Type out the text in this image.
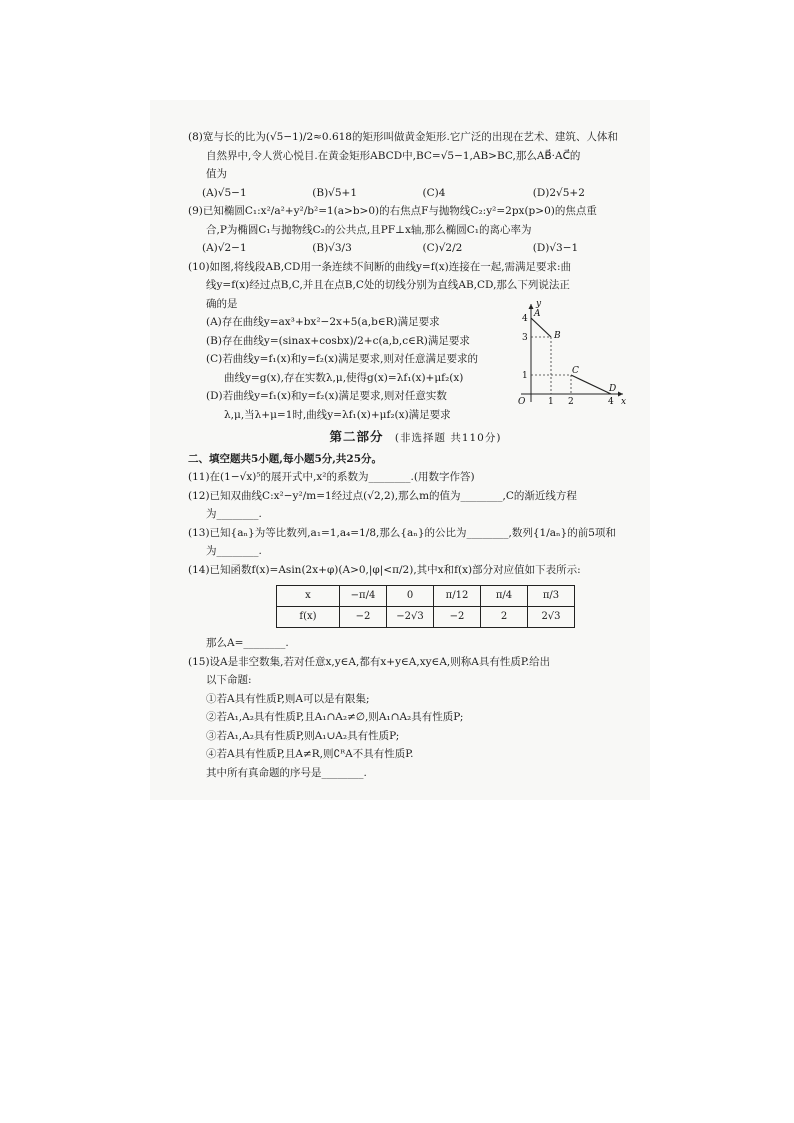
(8)宽与长的比为(√5−1)/2≈0.618的矩形叫做黄金矩形.它广泛的出现在艺术、建筑、人体和

自然界中,令人赏心悦目.在黄金矩形ABCD中,BC=√5−1,AB>BC,那么AB⃗·AC⃗的

值为

(A)√5−1	(B)√5+1	(C)4	(D)2√5+2

(9)已知椭圆C₁:x²/a²+y²/b²=1(a>b>0)的右焦点F与抛物线C₂:y²=2px(p>0)的焦点重

合,P为椭圆C₁与抛物线C₂的公共点,且PF⊥x轴,那么椭圆C₁的离心率为

(A)√2−1	(B)√3/3	(C)√2/2	(D)√3−1

(10)如图,将线段AB,CD用一条连续不间断的曲线y=f(x)连接在一起,需满足要求:曲

线y=f(x)经过点B,C,并且在点B,C处的切线分别为直线AB,CD,那么下列说法正

确的是

(A)存在曲线y=ax³+bx²−2x+5(a,b∈R)满足要求

(B)存在曲线y=(sinax+cosbx)/2+c(a,b,c∈R)满足要求

(C)若曲线y=f₁(x)和y=f₂(x)满足要求,则对任意满足要求的

曲线y=g(x),存在实数λ,μ,使得g(x)=λf₁(x)+μf₂(x)

(D)若曲线y=f₁(x)和y=f₂(x)满足要求,则对任意实数

λ,μ,当λ+μ=1时,曲线y=λf₁(x)+μf₂(x)满足要求

y
x
O
A
B
C
D
1 2	4
4
3
1
第二部分 (非选择题 共110分)

二、填空题共5小题,每小题5分,共25分。

(11)在(1−√x)⁵的展开式中,x²的系数为________.(用数字作答)

(12)已知双曲线C:x²−y²/m=1经过点(√2,2),那么m的值为________,C的渐近线方程

为________.

(13)已知{aₙ}为等比数列,a₁=1,a₄=1/8,那么{aₙ}的公比为________,数列{1/aₙ}的前5项和

为________.

(14)已知函数f(x)=Asin(2x+φ)(A>0,|φ|<π/2),其中x和f(x)部分对应值如下表所示:

x	−π/4	0	π/12	π/4	π/3
f(x)	−2	−2√3	−2	2	2√3

那么A=________.

(15)设A是非空数集,若对任意x,y∈A,都有x+y∈A,xy∈A,则称A具有性质P.给出

以下命题:

①若A具有性质P,则A可以是有限集;

②若A₁,A₂具有性质P,且A₁∩A₂≠∅,则A₁∩A₂具有性质P;

③若A₁,A₂具有性质P,则A₁∪A₂具有性质P;

④若A具有性质P,且A≠R,则∁ᴿA不具有性质P.

其中所有真命题的序号是________.
